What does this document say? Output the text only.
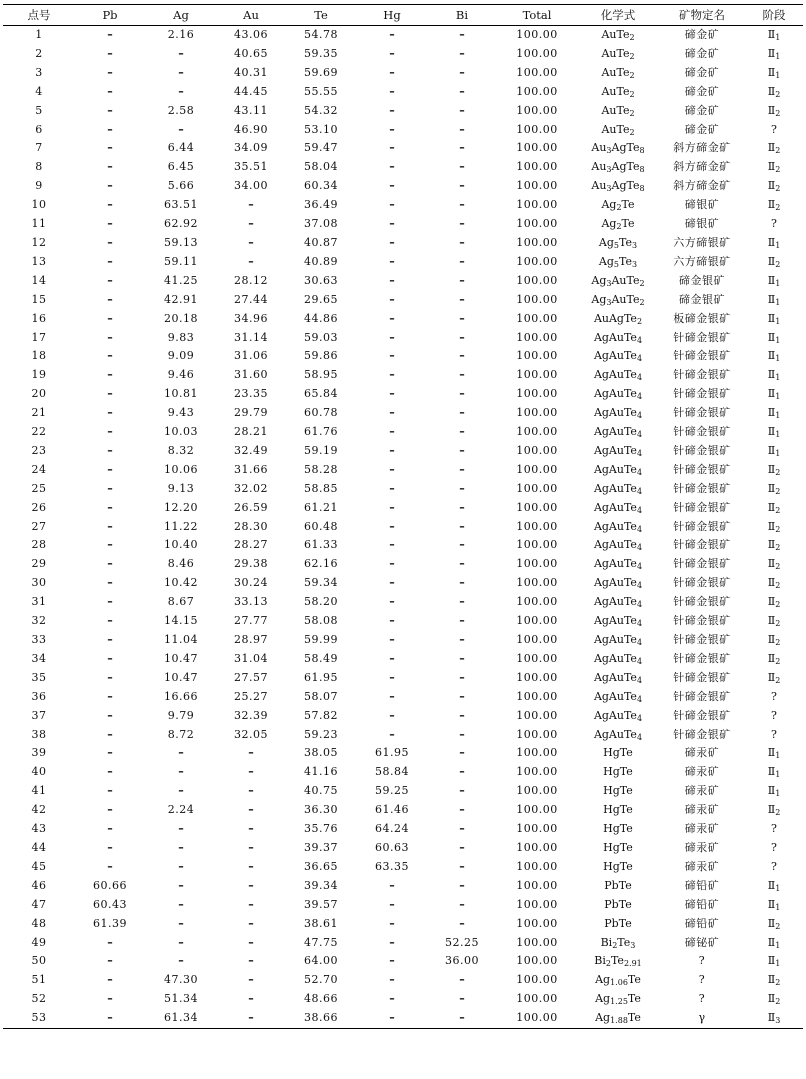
点号	Pb	Ag	Au	Te	Hg	Bi	Total	化学式	矿物定名	阶段
1	–	2.16	43.06	54.78	–	–	100.00	AuTe$_2$	碲金矿	$Ⅱ_1$
2	–	–	40.65	59.35	–	–	100.00	AuTe$_2$	碲金矿	$Ⅱ_1$
3	–	–	40.31	59.69	–	–	100.00	AuTe$_2$	碲金矿	$Ⅱ_1$
4	–	–	44.45	55.55	–	–	100.00	AuTe$_2$	碲金矿	$Ⅱ_2$
5	–	2.58	43.11	54.32	–	–	100.00	AuTe$_2$	碲金矿	$Ⅱ_2$
6	–	–	46.90	53.10	–	–	100.00	AuTe$_2$	碲金矿	?
7	–	6.44	34.09	59.47	–	–	100.00	$Au_3AgTe_8$	斜方碲金矿	$Ⅱ_2$
8	–	6.45	35.51	58.04	–	–	100.00	$Au_3AgTe_8$	斜方碲金矿	$Ⅱ_2$
9	–	5.66	34.00	60.34	–	–	100.00	$Au_3AgTe_8$	斜方碲金矿	$Ⅱ_2$
10	–	63.51	–	36.49	–	–	100.00	$Ag_2Te$	碲银矿	$Ⅱ_2$
11	–	62.92	–	37.08	–	–	100.00	$Ag_2Te$	碲银矿	?
12	–	59.13	–	40.87	–	–	100.00	$Ag_5Te_3$	六方碲银矿	$Ⅱ_1$
13	–	59.11	–	40.89	–	–	100.00	$Ag_5Te_3$	六方碲银矿	$Ⅱ_2$
14	–	41.25	28.12	30.63	–	–	100.00	$Ag_3AuTe_2$	碲金银矿	$Ⅱ_1$
15	–	42.91	27.44	29.65	–	–	100.00	$Ag_3AuTe_2$	碲金银矿	$Ⅱ_1$
16	–	20.18	34.96	44.86	–	–	100.00	AuAgTe$_2$	板碲金银矿	$Ⅱ_1$
17	–	9.83	31.14	59.03	–	–	100.00	AgAuTe$_4$	针碲金银矿	$Ⅱ_1$
18	–	9.09	31.06	59.86	–	–	100.00	AgAuTe$_4$	针碲金银矿	$Ⅱ_1$
19	–	9.46	31.60	58.95	–	–	100.00	AgAuTe$_4$	针碲金银矿	$Ⅱ_1$
20	–	10.81	23.35	65.84	–	–	100.00	AgAuTe$_4$	针碲金银矿	$Ⅱ_1$
21	–	9.43	29.79	60.78	–	–	100.00	AgAuTe$_4$	针碲金银矿	$Ⅱ_1$
22	–	10.03	28.21	61.76	–	–	100.00	AgAuTe$_4$	针碲金银矿	$Ⅱ_1$
23	–	8.32	32.49	59.19	–	–	100.00	AgAuTe$_4$	针碲金银矿	$Ⅱ_1$
24	–	10.06	31.66	58.28	–	–	100.00	AgAuTe$_4$	针碲金银矿	$Ⅱ_2$
25	–	9.13	32.02	58.85	–	–	100.00	AgAuTe$_4$	针碲金银矿	$Ⅱ_2$
26	–	12.20	26.59	61.21	–	–	100.00	AgAuTe$_4$	针碲金银矿	$Ⅱ_2$
27	–	11.22	28.30	60.48	–	–	100.00	AgAuTe$_4$	针碲金银矿	$Ⅱ_2$
28	–	10.40	28.27	61.33	–	–	100.00	AgAuTe$_4$	针碲金银矿	$Ⅱ_2$
29	–	8.46	29.38	62.16	–	–	100.00	AgAuTe$_4$	针碲金银矿	$Ⅱ_2$
30	–	10.42	30.24	59.34	–	–	100.00	AgAuTe$_4$	针碲金银矿	$Ⅱ_2$
31	–	8.67	33.13	58.20	–	–	100.00	AgAuTe$_4$	针碲金银矿	$Ⅱ_2$
32	–	14.15	27.77	58.08	–	–	100.00	AgAuTe$_4$	针碲金银矿	$Ⅱ_2$
33	–	11.04	28.97	59.99	–	–	100.00	AgAuTe$_4$	针碲金银矿	$Ⅱ_2$
34	–	10.47	31.04	58.49	–	–	100.00	AgAuTe$_4$	针碲金银矿	$Ⅱ_2$
35	–	10.47	27.57	61.95	–	–	100.00	AgAuTe$_4$	针碲金银矿	$Ⅱ_2$
36	–	16.66	25.27	58.07	–	–	100.00	AgAuTe$_4$	针碲金银矿	?
37	–	9.79	32.39	57.82	–	–	100.00	AgAuTe$_4$	针碲金银矿	?
38	–	8.72	32.05	59.23	–	–	100.00	AgAuTe$_4$	针碲金银矿	?
39	–	–	–	38.05	61.95	–	100.00	HgTe	碲汞矿	$Ⅱ_1$
40	–	–	–	41.16	58.84	–	100.00	HgTe	碲汞矿	$Ⅱ_1$
41	–	–	–	40.75	59.25	–	100.00	HgTe	碲汞矿	$Ⅱ_1$
42	–	2.24	–	36.30	61.46	–	100.00	HgTe	碲汞矿	$Ⅱ_2$
43	–	–	–	35.76	64.24	–	100.00	HgTe	碲汞矿	?
44	–	–	–	39.37	60.63	–	100.00	HgTe	碲汞矿	?
45	–	–	–	36.65	63.35	–	100.00	HgTe	碲汞矿	?
46	60.66	–	–	39.34	–	–	100.00	PbTe	碲铅矿	$Ⅱ_1$
47	60.43	–	–	39.57	–	–	100.00	PbTe	碲铅矿	$Ⅱ_1$
48	61.39	–	–	38.61	–	–	100.00	PbTe	碲铅矿	$Ⅱ_2$
49	–	–	–	47.75	–	52.25	100.00	$Bi_2Te_3$	碲铋矿	$Ⅱ_1$
50	–	–	–	64.00	–	36.00	100.00	$Bi_2Te_{2.91}$	?	$Ⅱ_1$
51	–	47.30	–	52.70	–	–	100.00	$Ag_{1.06}Te$	?	$Ⅱ_2$
52	–	51.34	–	48.66	–	–	100.00	$Ag_{1.25}Te$	?	$Ⅱ_2$
53	–	61.34	–	38.66	–	–	100.00	$Ag_{1.88}Te$	γ	$Ⅱ_3$
